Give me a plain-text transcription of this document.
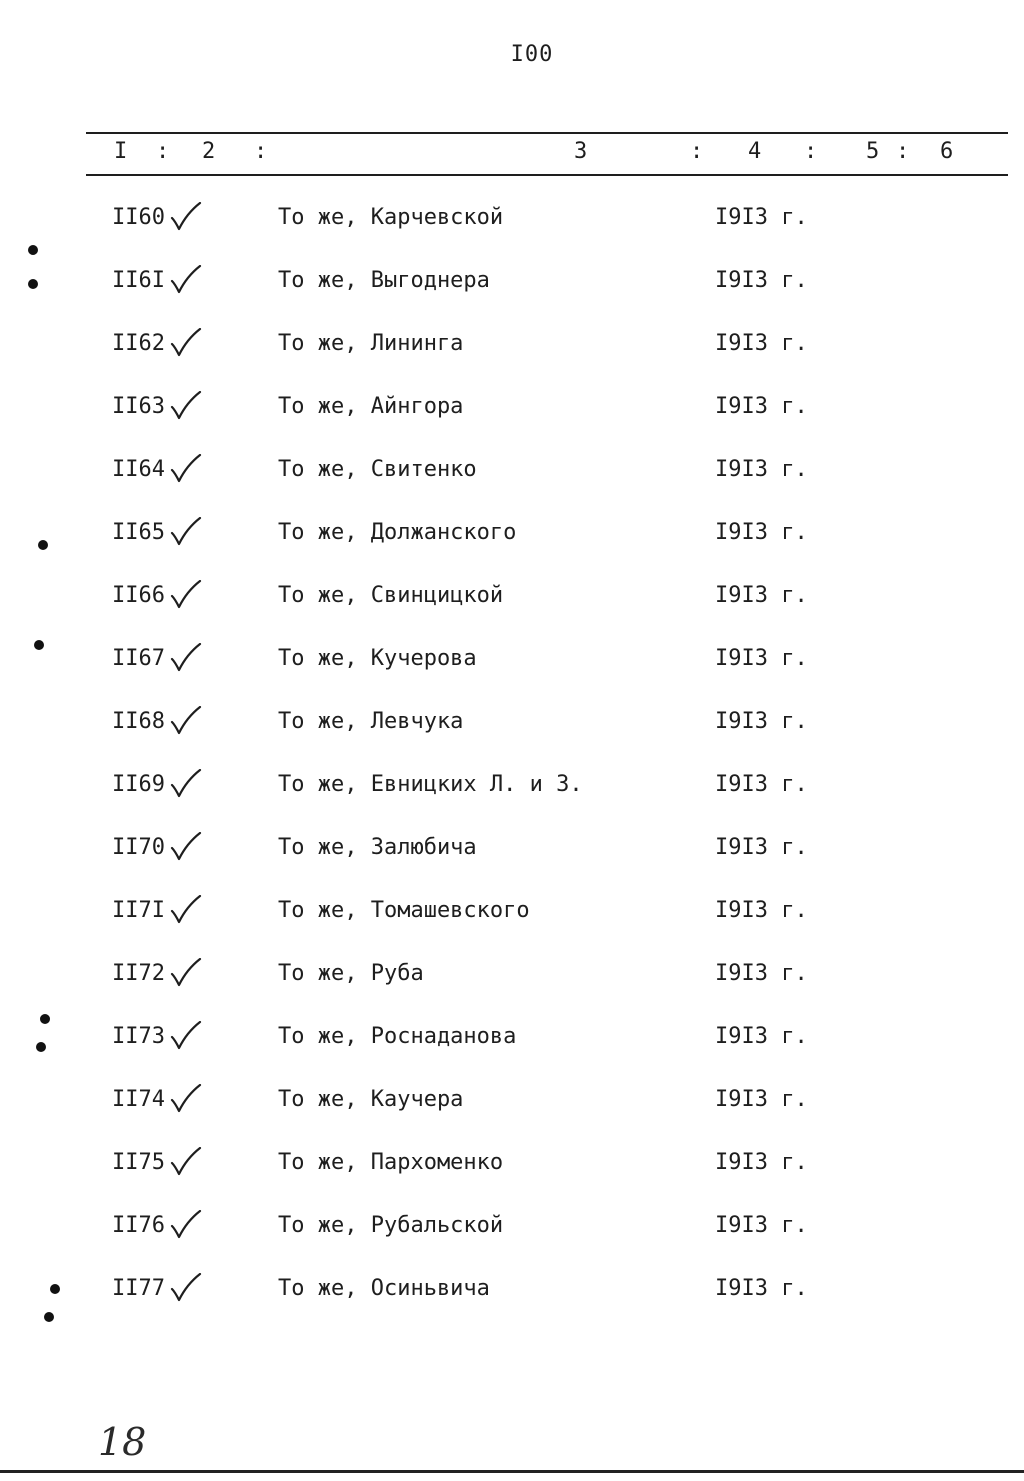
I00
I : 2 :	3	: 4 : 5 : 6
II60	То же, Карчевской	I9I3 г.
II6I	То же, Выгоднера	I9I3 г.
II62	То же, Линингa	I9I3 г.
II63	То же, Айнгора	I9I3 г.
II64	То же, Свитенко	I9I3 г.
II65	То же, Должанского	I9I3 г.
II66	То же, Свинцицкой	I9I3 г.
II67	То же, Кучерова	I9I3 г.
II68	То же, Левчука	I9I3 г.
II69	То же, Евницких Л. и З.	I9I3 г.
II70	То же, Залюбича	I9I3 г.
II7I	То же, Томашевского	I9I3 г.
II72	То же, Руба	I9I3 г.
II73	То же, Роснаданова	I9I3 г.
II74	То же, Каучера	I9I3 г.
II75	То же, Пархоменко	I9I3 г.
II76	То же, Рубальской	I9I3 г.
II77	То же, Осиньвича	I9I3 г.
18
